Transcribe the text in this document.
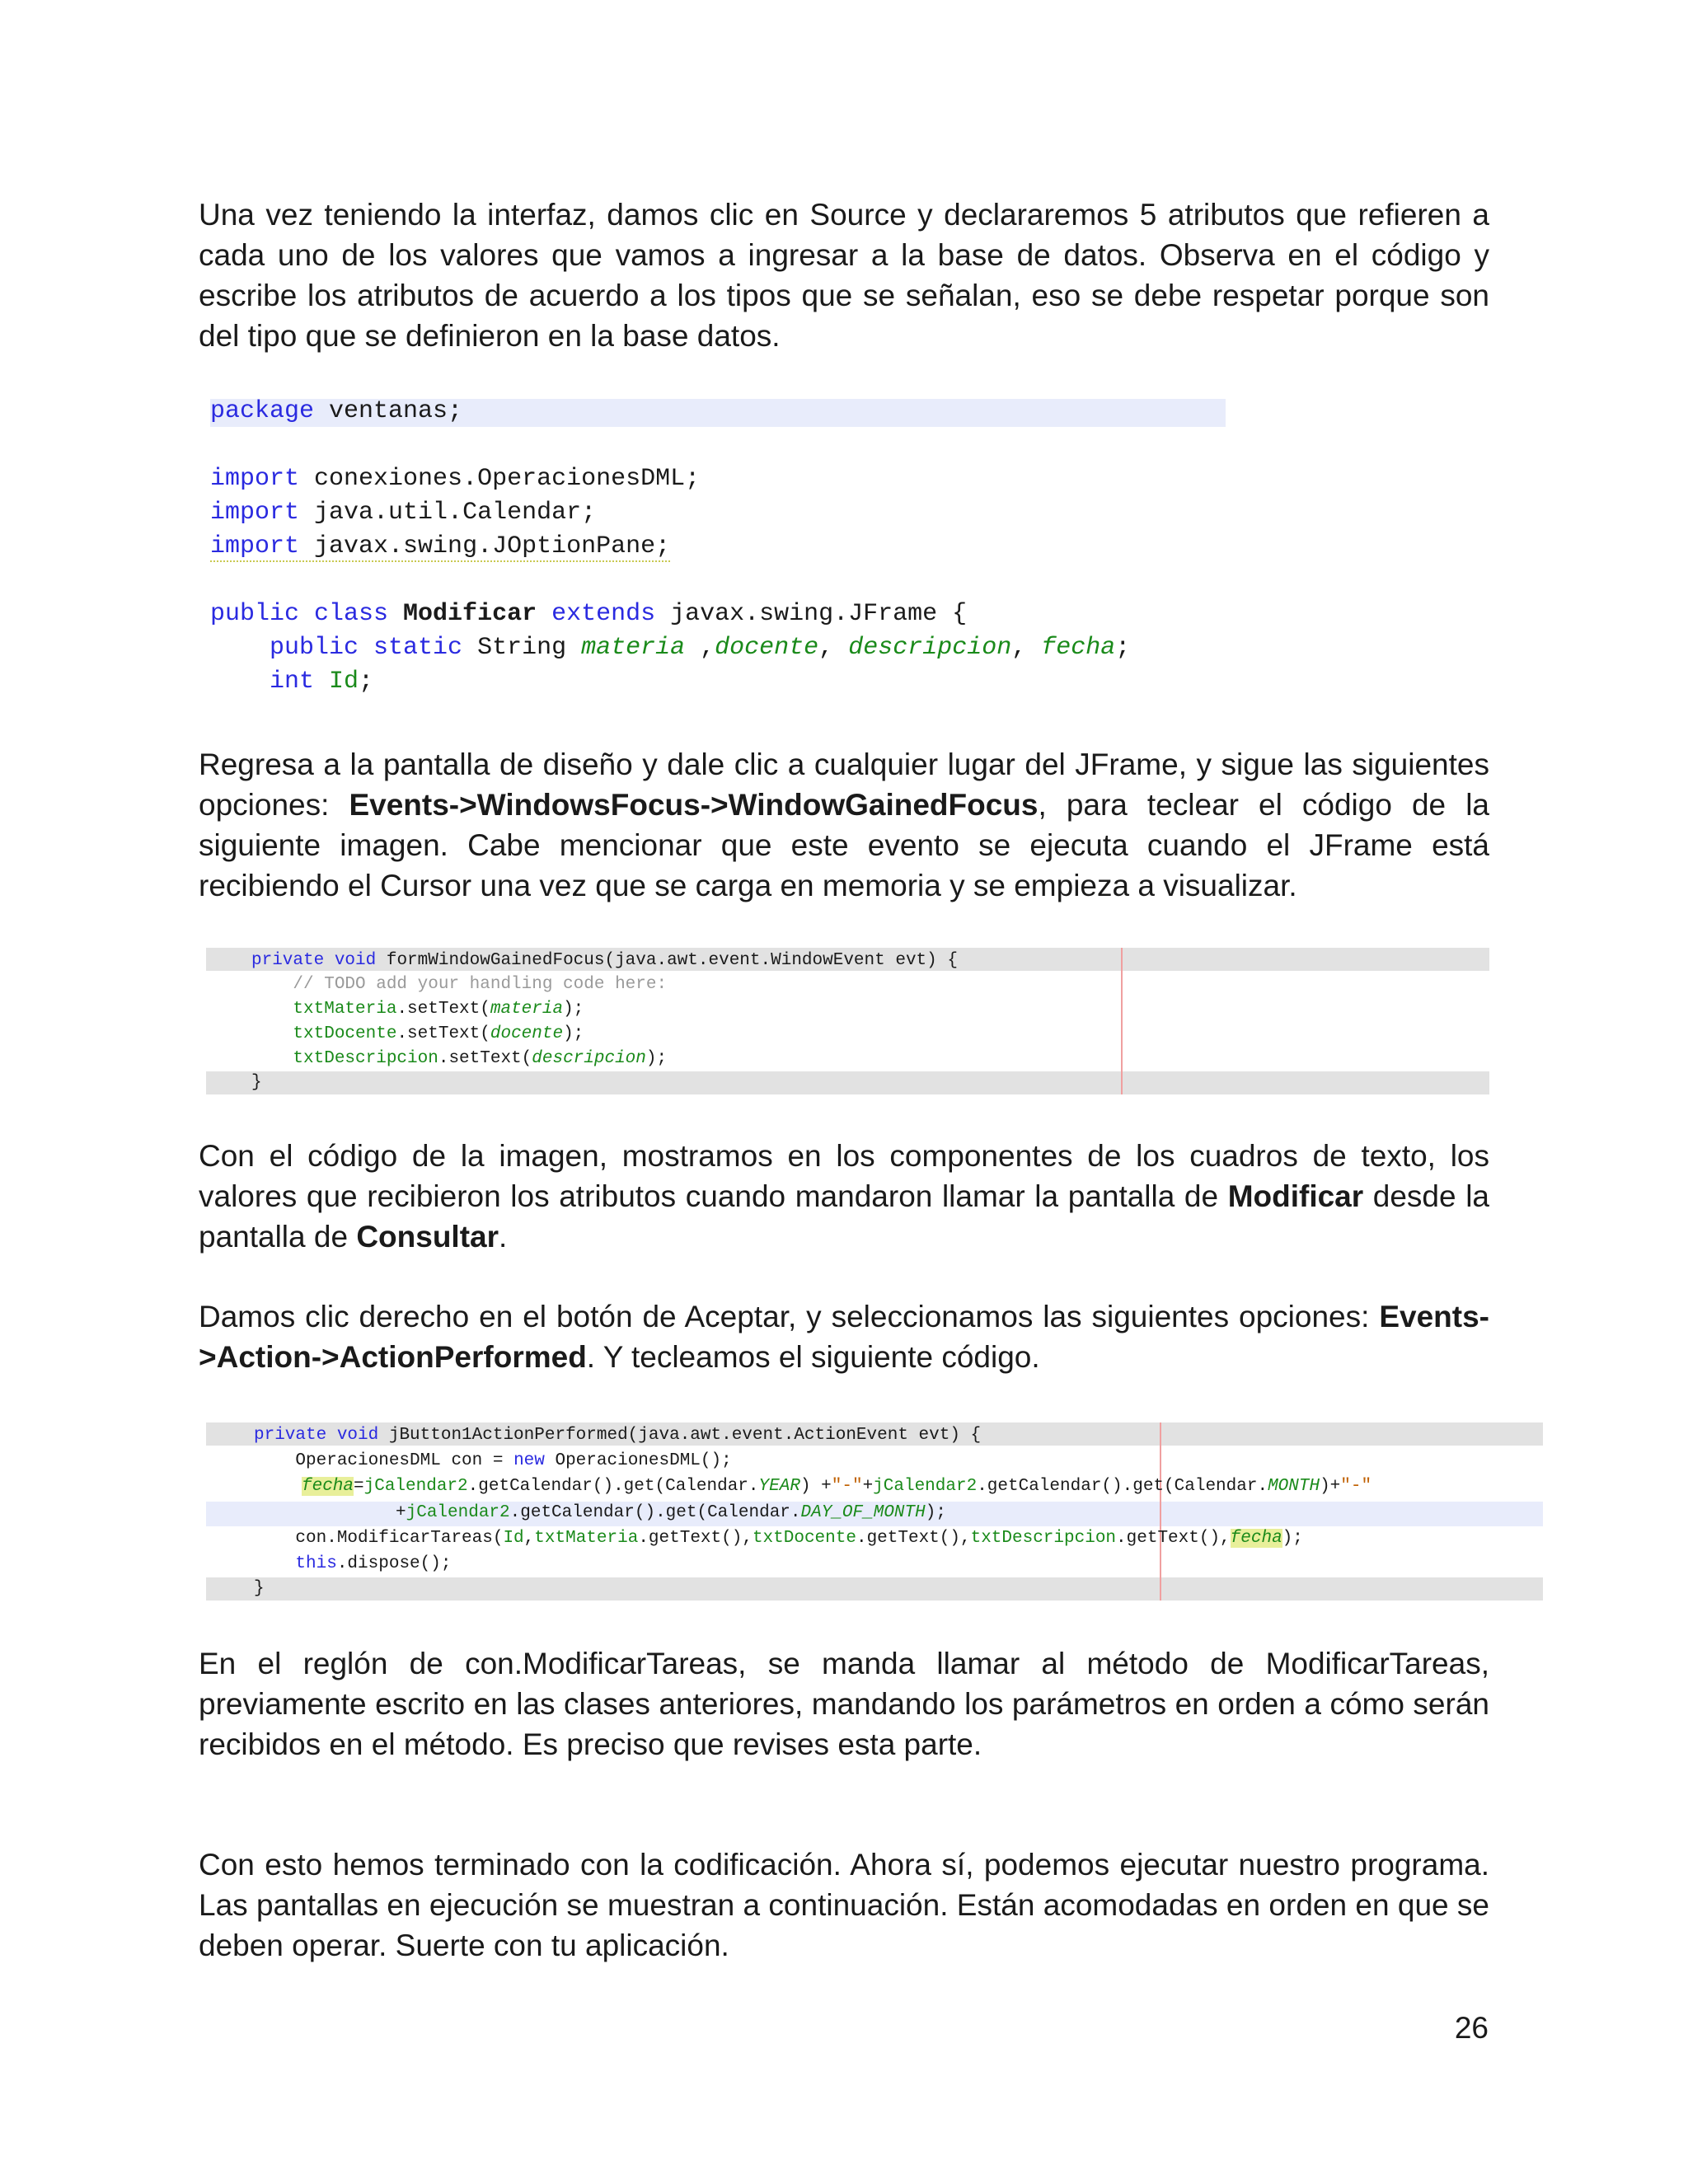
Una vez teniendo la interfaz, damos clic en Source y declararemos 5 atributos que refieren a cada uno de los valores que vamos a ingresar a la base de datos. Observa en el código y escribe los atributos de acuerdo a los tipos que se señalan, eso se debe respetar porque son del tipo que se definieron en la base datos.

package ventanas;

import conexiones.OperacionesDML;

import java.util.Calendar;

import javax.swing.JOptionPane;

public class Modificar extends javax.swing.JFrame {

public static String materia ,docente, descripcion, fecha;

int Id;

Regresa a la pantalla de diseño y dale clic a cualquier lugar del JFrame, y sigue las siguientes opciones: Events->WindowsFocus->WindowGainedFocus, para teclear el código de la siguiente imagen. Cabe mencionar que este evento se ejecuta cuando el JFrame está recibiendo el Cursor una vez que se carga en memoria y se empieza a visualizar.

private void formWindowGainedFocus(java.awt.event.WindowEvent evt) {

// TODO add your handling code here:

txtMateria.setText(materia);

txtDocente.setText(docente);

txtDescripcion.setText(descripcion);

}

Con el código de la imagen, mostramos en los componentes de los cuadros de texto, los valores que recibieron los atributos cuando mandaron llamar la pantalla de Modificar desde la pantalla de Consultar.

Damos clic derecho en el botón de Aceptar, y seleccionamos las siguientes opciones: Events->Action->ActionPerformed. Y tecleamos el siguiente código.

private void jButton1ActionPerformed(java.awt.event.ActionEvent evt) {

OperacionesDML con = new OperacionesDML();

fecha=jCalendar2.getCalendar().get(Calendar.YEAR) +"-"+jCalendar2.getCalendar().get(Calendar.MONTH)+"-"

+jCalendar2.getCalendar().get(Calendar.DAY_OF_MONTH);

con.ModificarTareas(Id,txtMateria.getText(),txtDocente.getText(),txtDescripcion.getText(),fecha);

this.dispose();

}

En el reglón de con.ModificarTareas, se manda llamar al método de ModificarTareas, previamente escrito en las clases anteriores, mandando los parámetros en orden a cómo serán recibidos en el método. Es preciso que revises esta parte.

Con esto hemos terminado con la codificación. Ahora sí, podemos ejecutar nuestro programa. Las pantallas en ejecución se muestran a continuación. Están acomodadas en orden en que se deben operar. Suerte con tu aplicación.

26
